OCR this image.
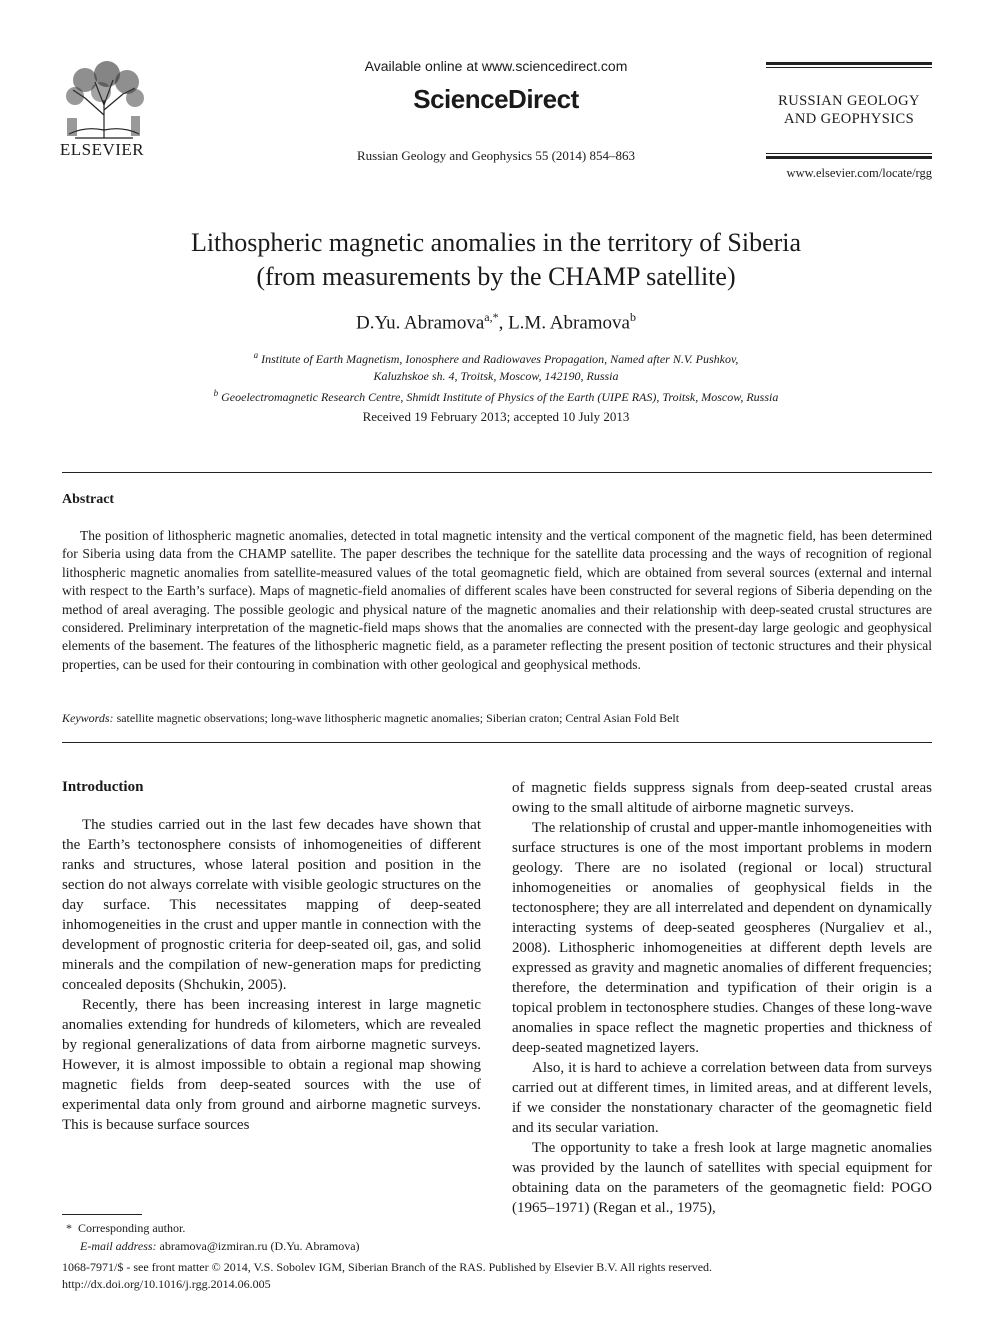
ELSEVIER
Available online at www.sciencedirect.com
ScienceDirect
Russian Geology and Geophysics 55 (2014) 854–863
RUSSIAN GEOLOGY
AND GEOPHYSICS
www.elsevier.com/locate/rgg
Lithospheric magnetic anomalies in the territory of Siberia
(from measurements by the CHAMP satellite)
D.Yu. Abramova$^{a,*}$, L.M. Abramova$^b$
$^a$ Institute of Earth Magnetism, Ionosphere and Radiowaves Propagation, Named after N.V. Pushkov,
Kaluzhskoe sh. 4, Troitsk, Moscow, 142190, Russia
$^b$ Geoelectromagnetic Research Centre, Shmidt Institute of Physics of the Earth (UIPE RAS), Troitsk, Moscow, Russia
Received 19 February 2013; accepted 10 July 2013
Abstract
The position of lithospheric magnetic anomalies, detected in total magnetic intensity and the vertical component of the magnetic field, has been determined for Siberia using data from the CHAMP satellite. The paper describes the technique for the satellite data processing and the ways of recognition of regional lithospheric magnetic anomalies from satellite-measured values of the total geomagnetic field, which are obtained from several sources (external and internal with respect to the Earth’s surface). Maps of magnetic-field anomalies of different scales have been constructed for several regions of Siberia depending on the method of areal averaging. The possible geologic and physical nature of the magnetic anomalies and their relationship with deep-seated crustal structures are considered. Preliminary interpretation of the magnetic-field maps shows that the anomalies are connected with the present-day large geologic and geophysical elements of the basement. The features of the lithospheric magnetic field, as a parameter reflecting the present position of tectonic structures and their physical properties, can be used for their contouring in combination with other geological and geophysical methods.
Keywords: satellite magnetic observations; long-wave lithospheric magnetic anomalies; Siberian craton; Central Asian Fold Belt
Introduction

The studies carried out in the last few decades have shown that the Earth’s tectonosphere consists of inhomogeneities of different ranks and structures, whose lateral position and position in the section do not always correlate with visible geologic structures on the day surface. This necessitates mapping of deep-seated inhomogeneities in the crust and upper mantle in connection with the development of prognostic criteria for deep-seated oil, gas, and solid minerals and the compilation of new-generation maps for predicting concealed deposits (Shchukin, 2005).

Recently, there has been increasing interest in large magnetic anomalies extending for hundreds of kilometers, which are revealed by regional generalizations of data from airborne magnetic surveys. However, it is almost impossible to obtain a regional map showing magnetic fields from deep-seated sources with the use of experimental data only from ground and airborne magnetic surveys. This is because surface sources

of magnetic fields suppress signals from deep-seated crustal areas owing to the small altitude of airborne magnetic surveys.

The relationship of crustal and upper-mantle inhomogeneities with surface structures is one of the most important problems in modern geology. There are no isolated (regional or local) structural inhomogeneities or anomalies of geophysical fields in the tectonosphere; they are all interrelated and dependent on dynamically interacting systems of deep-seated geospheres (Nurgaliev et al., 2008). Lithospheric inhomogeneities at different depth levels are expressed as gravity and magnetic anomalies of different frequencies; therefore, the determination and typification of their origin is a topical problem in tectonosphere studies. Changes of these long-wave anomalies in space reflect the magnetic properties and thickness of deep-seated magnetized layers.

Also, it is hard to achieve a correlation between data from surveys carried out at different times, in limited areas, and at different levels, if we consider the nonstationary character of the geomagnetic field and its secular variation.

The opportunity to take a fresh look at large magnetic anomalies was provided by the launch of satellites with special equipment for obtaining data on the parameters of the geomagnetic field: POGO (1965–1971) (Regan et al., 1975),

* Corresponding author.
E-mail address: abramova@izmiran.ru (D.Yu. Abramova)
1068-7971/$ - see front matter © 2014, V.S. Sobolev IGM, Siberian Branch of the RAS. Published by Elsevier B.V. All rights reserved.
http://dx.doi.org/10.1016/j.rgg.2014.06.005
